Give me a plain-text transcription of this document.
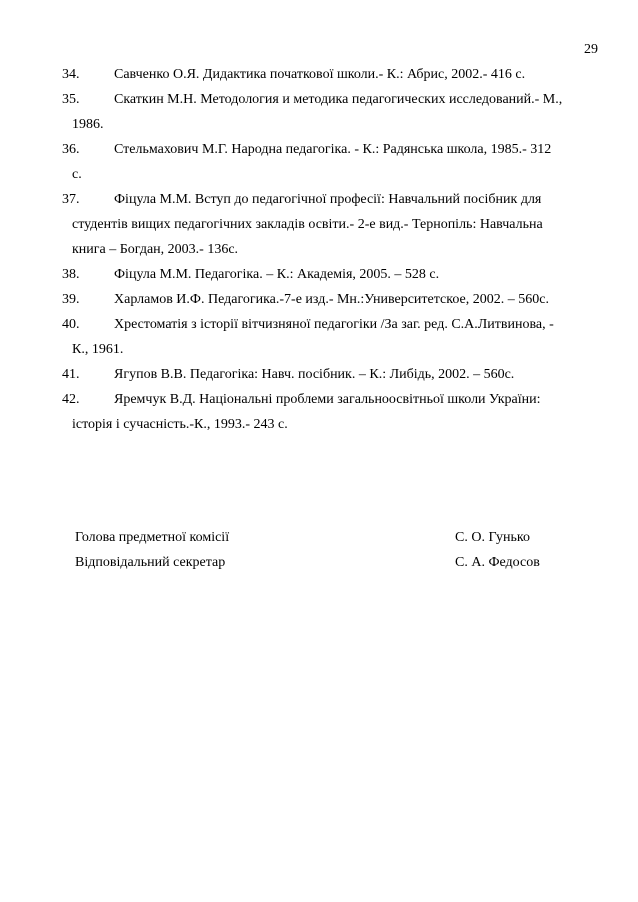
29
34. Савченко О.Я. Дидактика початкової школи.- К.: Абрис, 2002.- 416 с.
35. Скаткин М.Н. Методология и методика педагогических исследований.- М.,
1986.
36. Стельмахович М.Г. Народна педагогіка. - К.: Радянська школа, 1985.- 312
с.
37. Фіцула М.М. Вступ до педагогічної професії: Навчальний посібник для
студентів вищих педагогічних закладів освіти.- 2-е вид.- Тернопіль: Навчальна
книга – Богдан, 2003.- 136с.
38. Фіцула М.М. Педагогіка. – К.: Академія, 2005. – 528 с.
39. Харламов И.Ф. Педагогика.-7-е изд.- Мн.:Университетское, 2002. – 560с.
40. Хрестоматія з історії вітчизняної педагогіки /За заг. ред. С.А.Литвинова, -
К., 1961.
41. Ягупов В.В. Педагогіка: Навч. посібник. – К.: Либідь, 2002. – 560с.
42. Яремчук В.Д. Національні проблеми загальноосвітньої школи України:
історія і сучасність.-К., 1993.- 243 с.
Голова предметної комісії	С. О. Гунько
Відповідальний секретар	С. А. Федосов
